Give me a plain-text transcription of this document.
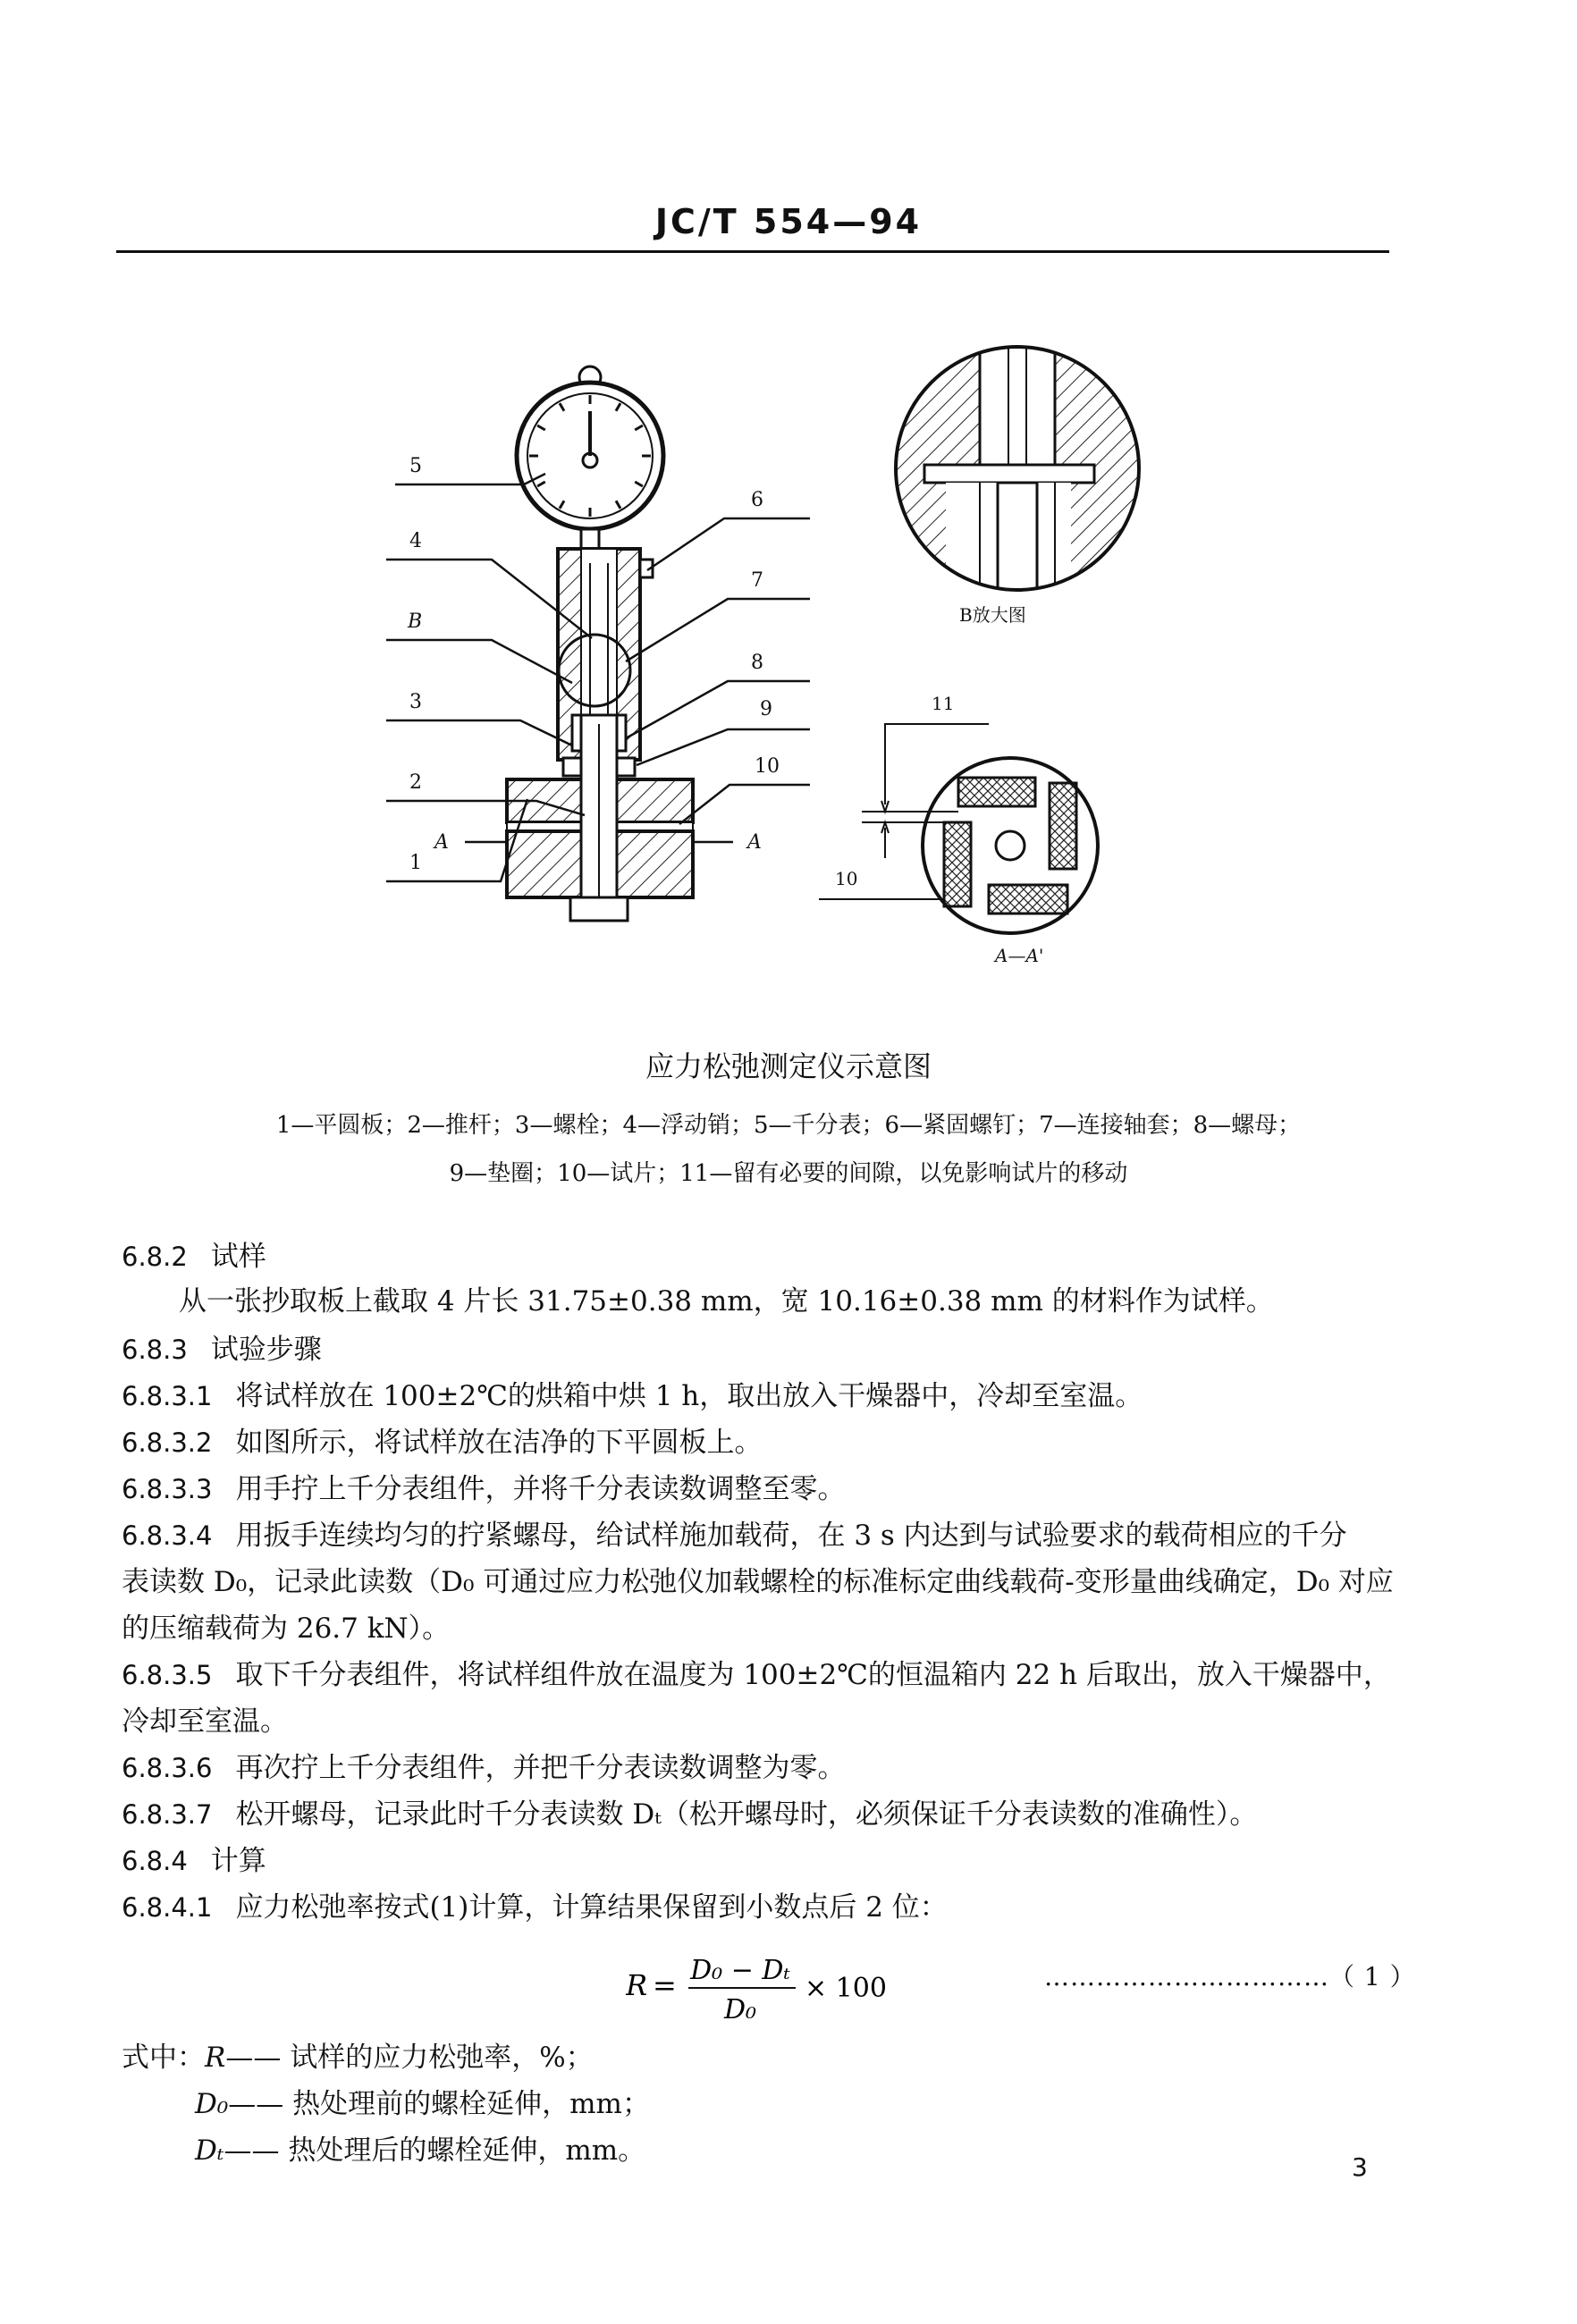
JC/T 554—94
5
4
B
3
2
1
A
6
7
8
9
10
A
B放大图
11
10
A—A'
应力松弛测定仪示意图
1—平圆板；2—推杆；3—螺栓；4—浮动销；5—千分表；6—紧固螺钉；7—连接轴套；8—螺母；
9—垫圈；10—试片；11—留有必要的间隙，以免影响试片的移动
6.8.2 试样
从一张抄取板上截取 4 片长 31.75±0.38 mm，宽 10.16±0.38 mm 的材料作为试样。
6.8.3 试验步骤
6.8.3.1 将试样放在 100±2℃的烘箱中烘 1 h，取出放入干燥器中，冷却至室温。
6.8.3.2 如图所示，将试样放在洁净的下平圆板上。
6.8.3.3 用手拧上千分表组件，并将千分表读数调整至零。
6.8.3.4 用扳手连续均匀的拧紧螺母，给试样施加载荷，在 3 s 内达到与试验要求的载荷相应的千分
表读数 D₀，记录此读数（D₀ 可通过应力松弛仪加载螺栓的标准标定曲线载荷-变形量曲线确定，D₀ 对应
的压缩载荷为 26.7 kN）。
6.8.3.5 取下千分表组件，将试样组件放在温度为 100±2℃的恒温箱内 22 h 后取出，放入干燥器中，
冷却至室温。
6.8.3.6 再次拧上千分表组件，并把千分表读数调整为零。
6.8.3.7 松开螺母，记录此时千分表读数 Dₜ（松开螺母时，必须保证千分表读数的准确性）。
6.8.4 计算
6.8.4.1 应力松弛率按式(1)计算，计算结果保留到小数点后 2 位：
R = D₀ − Dₜ
D₀
× 100	……………………………（ 1 ）
式中：R—— 试样的应力松弛率，%；
D₀—— 热处理前的螺栓延伸，mm；
Dₜ—— 热处理后的螺栓延伸，mm。
3
